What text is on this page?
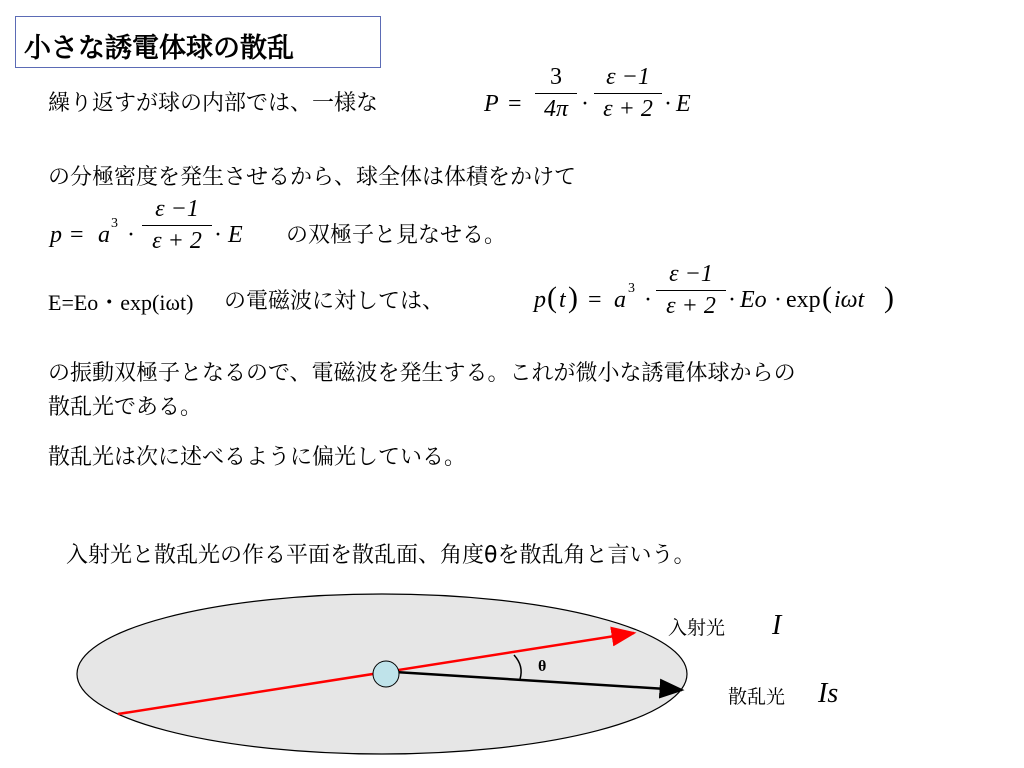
小さな誘電体球の散乱
繰り返すが球の内部では、一様な	P =
3
4π ·
ε −1
ε + 2 · E
の分極密度を発生させるから、球全体は体積をかけて
p = a 3 ·
ε −1
ε + 2 · E の双極子と見なせる。
E=Eo・exp(iωt) の電磁波に対しては、	p ( t ) = a 3 ·
ε −1
ε + 2 · Eo · exp ( iωt )
の振動双極子となるので、電磁波を発生する。これが微小な誘電体球からの
散乱光である。
散乱光は次に述べるように偏光している。
入射光と散乱光の作る平面を散乱面、角度θを散乱角と言いう。
θ
入射光 I
散乱光 Is
